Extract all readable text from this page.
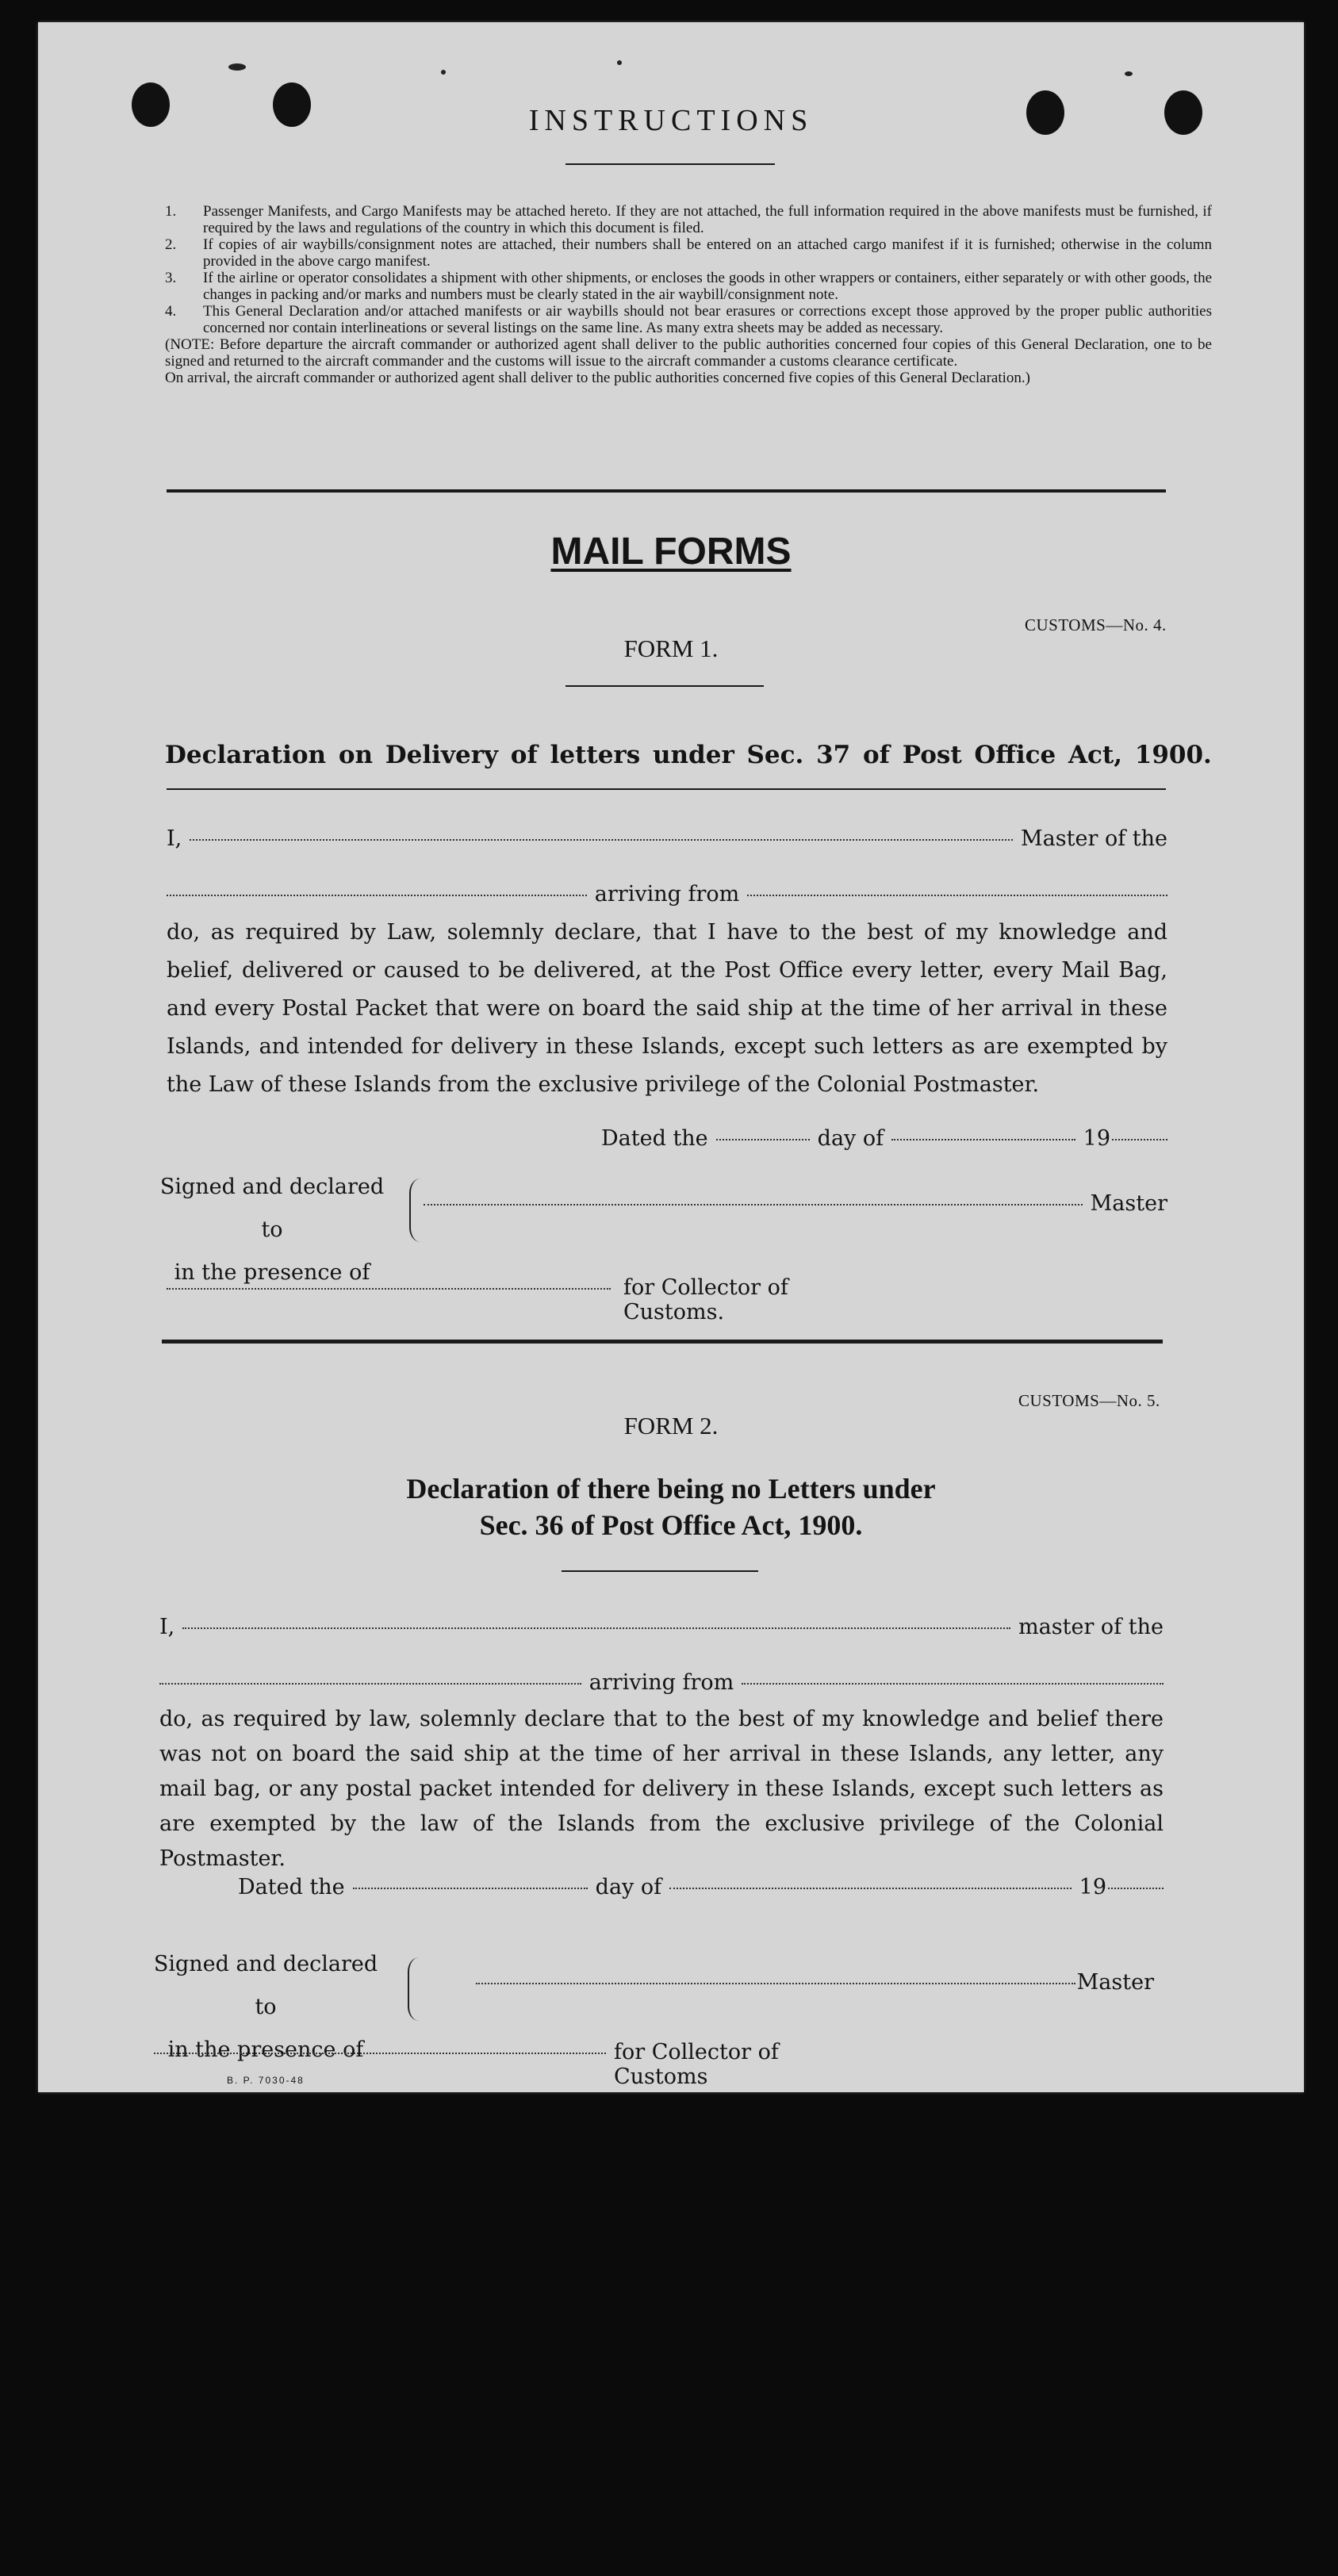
INSTRUCTIONS

1. Passenger Manifests, and Cargo Manifests may be attached hereto. If they are not attached, the full information required in the above manifests must be furnished, if required by the laws and regulations of the country in which this document is filed.

2. If copies of air waybills/consignment notes are attached, their numbers shall be entered on an attached cargo manifest if it is furnished; otherwise in the column provided in the above cargo manifest.

3. If the airline or operator consolidates a shipment with other shipments, or encloses the goods in other wrappers or containers, either separately or with other goods, the changes in packing and/or marks and numbers must be clearly stated in the air waybill/consignment note.

4. This General Declaration and/or attached manifests or air waybills should not bear erasures or corrections except those approved by the proper public authorities concerned nor contain interlineations or several listings on the same line. As many extra sheets may be added as necessary.

(NOTE: Before departure the aircraft commander or authorized agent shall deliver to the public authorities concerned four copies of this General Declaration, one to be signed and returned to the aircraft commander and the customs will issue to the aircraft commander a customs clearance certificate.

On arrival, the aircraft commander or authorized agent shall deliver to the public authorities concerned five copies of this General Declaration.)

MAIL FORMS
CUSTOMS—No. 4.
FORM 1.
Declaration on Delivery of letters under Sec. 37 of Post Office Act, 1900.
I,	Master of the
arriving from
do, as required by Law, solemnly declare, that I have to the best of my knowledge and belief, delivered or caused to be delivered, at the Post Office every letter, every Mail Bag, and every Postal Packet that were on board the said ship at the time of her arrival in these Islands, and intended for delivery in these Islands, except such letters as are exempted by the Law of these Islands from the exclusive privilege of the Colonial Postmaster.
Dated the	day of	19
Signed and declared to
in the presence of
Master
for Collector of Customs.
CUSTOMS—No. 5.
FORM 2.
Declaration of there being no Letters under
Sec. 36 of Post Office Act, 1900.
I,	master of the
arriving from
do, as required by law, solemnly declare that to the best of my knowledge and belief there was not on board the said ship at the time of her arrival in these Islands, any letter, any mail bag, or any postal packet intended for delivery in these Islands, except such letters as are exempted by the law of the Islands from the exclusive privilege of the Colonial Postmaster.
Dated the	day of	19
Signed and declared to
in the presence of
Master
for Collector of Customs
B. P. 7030-48
